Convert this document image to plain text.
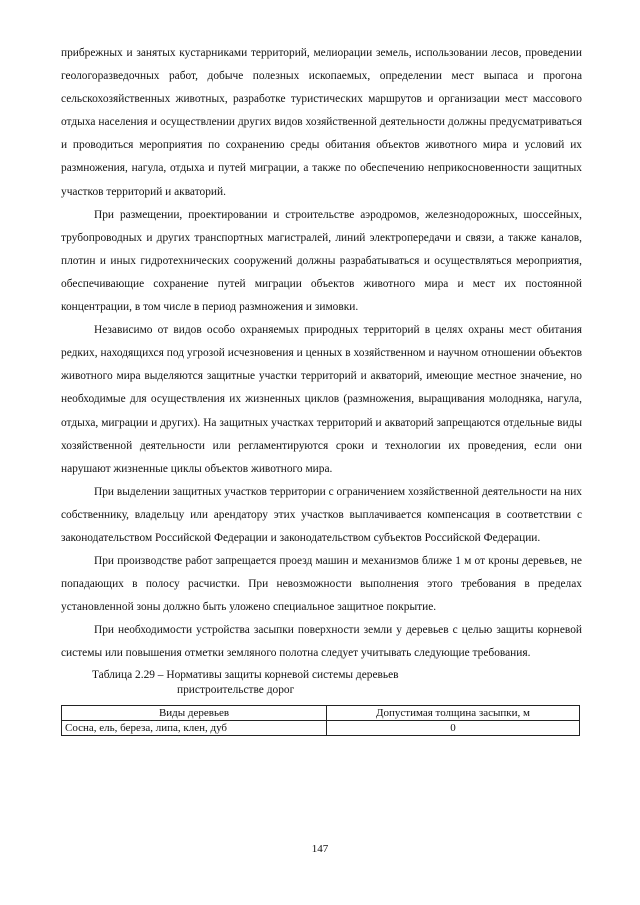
прибрежных и занятых кустарниками территорий, мелиорации земель, использовании лесов, проведении геологоразведочных работ, добыче полезных ископаемых, определении мест выпаса и прогона сельскохозяйственных животных, разработке туристических маршрутов и организации мест массового отдыха населения и осуществлении других видов хозяйственной деятельности должны предусматриваться и проводиться мероприятия по сохранению среды обитания объектов животного мира и условий их размножения, нагула, отдыха и путей миграции, а также по обеспечению неприкосновенности защитных участков территорий и акваторий.

При размещении, проектировании и строительстве аэродромов, железнодорожных, шоссейных, трубопроводных и других транспортных магистралей, линий электропередачи и связи, а также каналов, плотин и иных гидротехнических сооружений должны разрабатываться и осуществляться мероприятия, обеспечивающие сохранение путей миграции объектов животного мира и мест их постоянной концентрации, в том числе в период размножения и зимовки.

Независимо от видов особо охраняемых природных территорий в целях охраны мест обитания редких, находящихся под угрозой исчезновения и ценных в хозяйственном и научном отношении объектов животного мира выделяются защитные участки территорий и акваторий, имеющие местное значение, но необходимые для осуществления их жизненных циклов (размножения, выращивания молодняка, нагула, отдыха, миграции и других). На защитных участках территорий и акваторий запрещаются отдельные виды хозяйственной деятельности или регламентируются сроки и технологии их проведения, если они нарушают жизненные циклы объектов животного мира.

При выделении защитных участков территории с ограничением хозяйственной деятельности на них собственнику, владельцу или арендатору этих участков выплачивается компенсация в соответствии с законодательством Российской Федерации и законодательством субъектов Российской Федерации.

При производстве работ запрещается проезд машин и механизмов ближе 1 м от кроны деревьев, не попадающих в полосу расчистки. При невозможности выполнения этого требования в пределах установленной зоны должно быть уложено специальное защитное покрытие.

При необходимости устройства засыпки поверхности земли у деревьев с целью защиты корневой системы или повышения отметки земляного полотна следует учитывать следующие требования.

Таблица 2.29 – Нормативы защиты корневой системы деревьев
пристроительстве дорог
Виды деревьев	Допустимая толщина засыпки, м
Сосна, ель, береза, липа, клен, дуб	0
147
